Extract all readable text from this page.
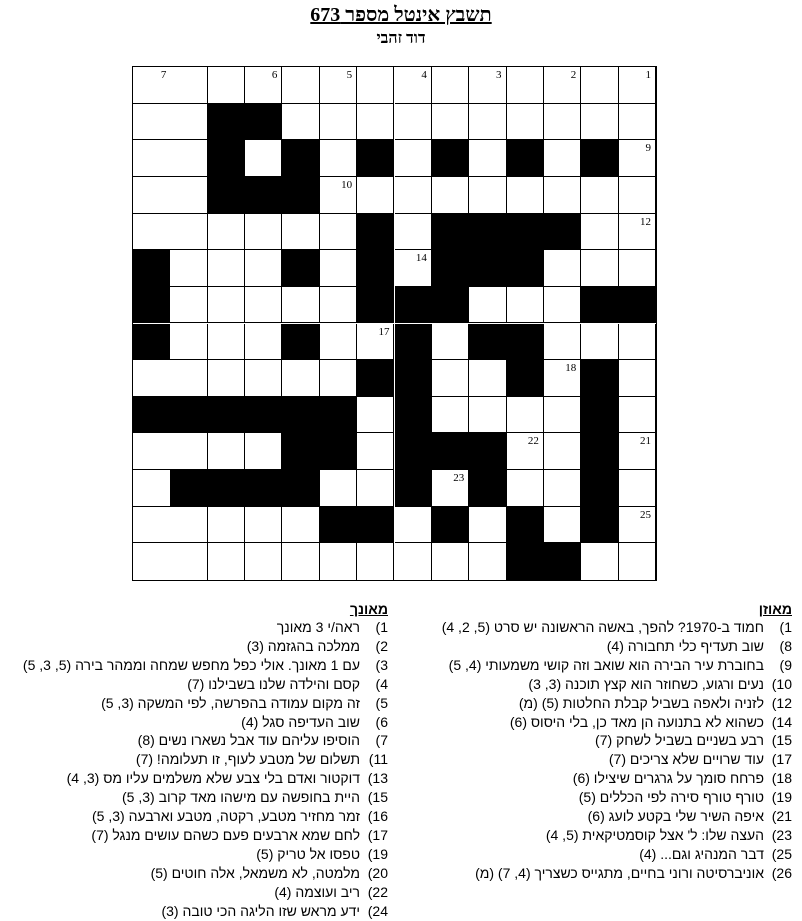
תשבץ אינטל מספר 673
דוד זהבי
1
2
3
4
5
6
7
9
10
12
14
17
18
21
22
23
25
מאוזן
1)
חמוד ב-1970? להפך, באשה הראשונה יש סרט (5, 2, 4)
8)
שוב תעדיף כלי תחבורה (4)
9)
בחוברת עיר הבירה הוא שואב וזה קושי משמעותי (4, 5)
10)
נעים ורגוע, כשחוזר הוא קצץ תוכנה (3, 3)
12)
לזניה ולאפה בשביל קבלת החלטות (5) (מ)
14)
כשהוא לא בתנועה הן מאד כן, בלי היסוס (6)
15)
רבע בשניים בשביל לשחק (7)
17)
עוד שרויים שלא צריכים (7)
18)
פרחח סומך על גרגרים שיצילו (6)
19)
טורף טורף סירה לפי הכללים (5)
21)
איפה השיר שלי בקטע לועג (6)
23)
העצה שלו: ל' אצל קוסמטיקאית (5, 4)
25)
דבר המנהיג וגם... (4)
26)
אוניברסיטה ורוני בחיים, מתגייס כשצריך (4, 7) (מ)
מאונך
1)
ראה/י 3 מאונך
2)
ממלכה בהגזמה (3)
3)
עם 1 מאונך. אולי כפל מחפש שמחה וממהר בירה (5, 3, 5)
4)
קסם והילדה שלנו בשבילנו (7)
5)
זה מקום עמודה בהפרשה, לפי המשקה (3, 5)
6)
שוב העדיפה סגל (4)
7)
הוסיפו עליהם עוד אבל נשארו נשים (8)
11)
תשלום של מטבע לעוף, זו תעלומה! (7)
13)
דוקטור ואדם בלי צבע שלא משלמים עליו מס (3, 4)
15)
היית בחופשה עם מישהו מאד קרוב (3, 5)
16)
זמר מחזיר מטבע, רקטה, מטבע וארבעה (3, 5)
17)
לחם שמא ארבעים פעם כשהם עושים מנגל (7)
19)
טפסו אל טריק (5)
20)
מלמטה, לא משמאל, אלה חוטים (5)
22)
ריב ועוצמה (4)
24)
ידע מראש שזו הליגה הכי טובה (3)
